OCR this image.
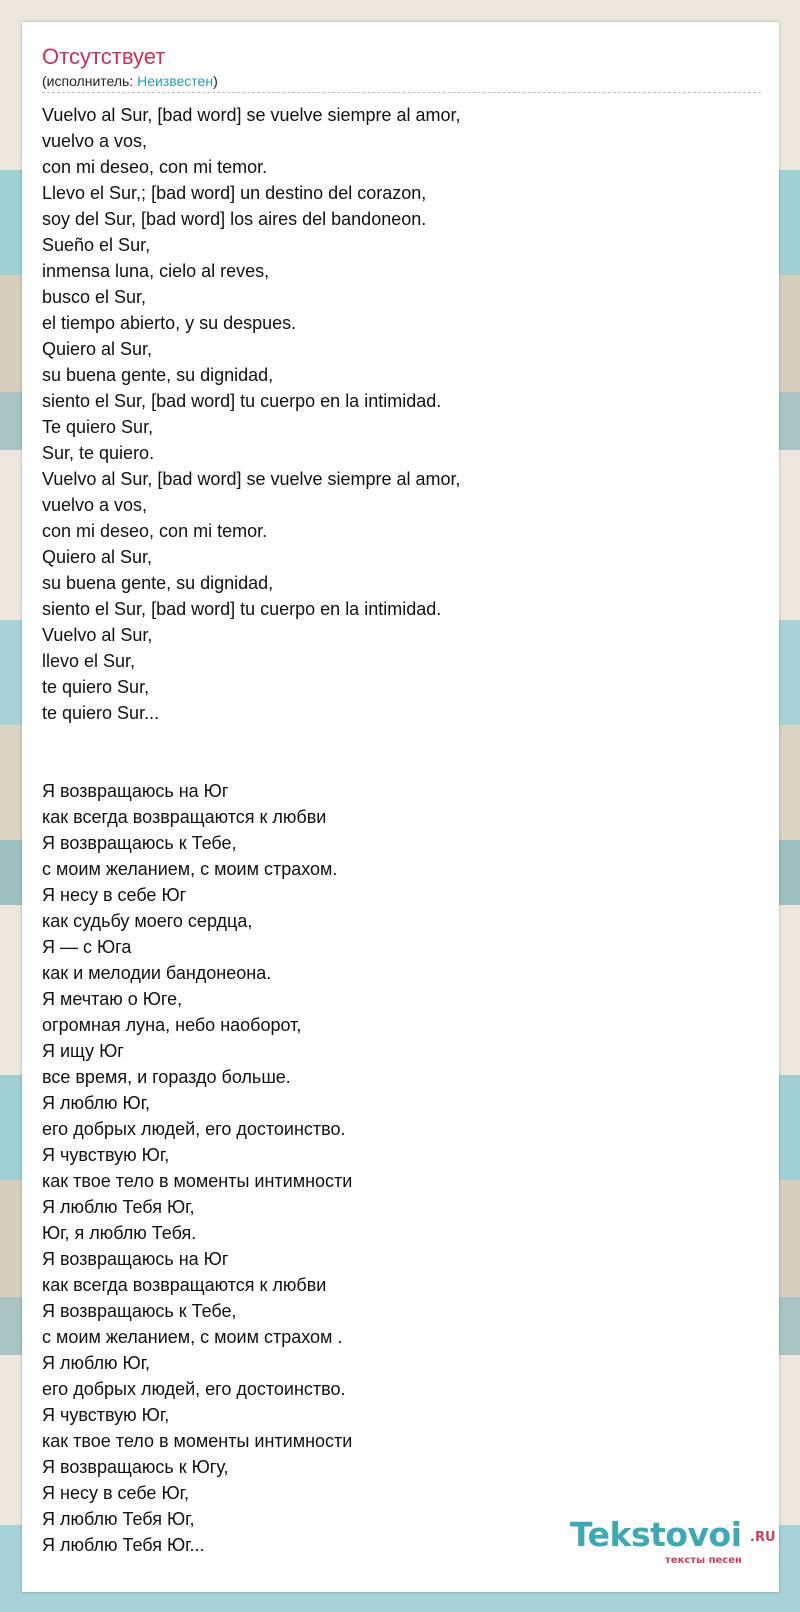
Отсутствует
(исполнитель: Неизвестен)
Vuelvo al Sur, [bad word] se vuelve siempre al amor,
vuelvo a vos,
con mi deseo, con mi temor.
Llevo el Sur,; [bad word] un destino del corazon,
soy del Sur, [bad word] los aires del bandoneon.
Sueño el Sur,
inmensa luna, cielo al reves,
busco el Sur,
el tiempo abierto, y su despues.
Quiero al Sur,
su buena gente, su dignidad,
siento el Sur, [bad word] tu cuerpo en la intimidad.
Te quiero Sur,
Sur, te quiero.
Vuelvo al Sur, [bad word] se vuelve siempre al amor,
vuelvo a vos,
con mi deseo, con mi temor.
Quiero al Sur,
su buena gente, su dignidad,
siento el Sur, [bad word] tu cuerpo en la intimidad.
Vuelvo al Sur,
llevo el Sur,
te quiero Sur,
te quiero Sur...
Я возвращаюсь на Юг
как всегда возвращаются к любви
Я возвращаюсь к Тебе,
с моим желанием, с моим страхом.
Я несу в себе Юг
как судьбу моего сердца,
Я — с Юга
как и мелодии бандонеона.
Я мечтаю о Юге,
огромная луна, небо наоборот,
Я ищу Юг
все время, и гораздо больше.
Я люблю Юг,
его добрых людей, его достоинство.
Я чувствую Юг,
как твое тело в моменты интимности
Я люблю Тебя Юг,
Юг, я люблю Тебя.
Я возвращаюсь на Юг
как всегда возвращаются к любви
Я возвращаюсь к Тебе,
с моим желанием, с моим страхом .
Я люблю Юг,
его добрых людей, его достоинство.
Я чувствую Юг,
как твое тело в моменты интимности
Я возвращаюсь к Югу,
Я несу в себе Юг,
Я люблю Тебя Юг,
Я люблю Тебя Юг...	Tekstovoi .RU
тексты песен
